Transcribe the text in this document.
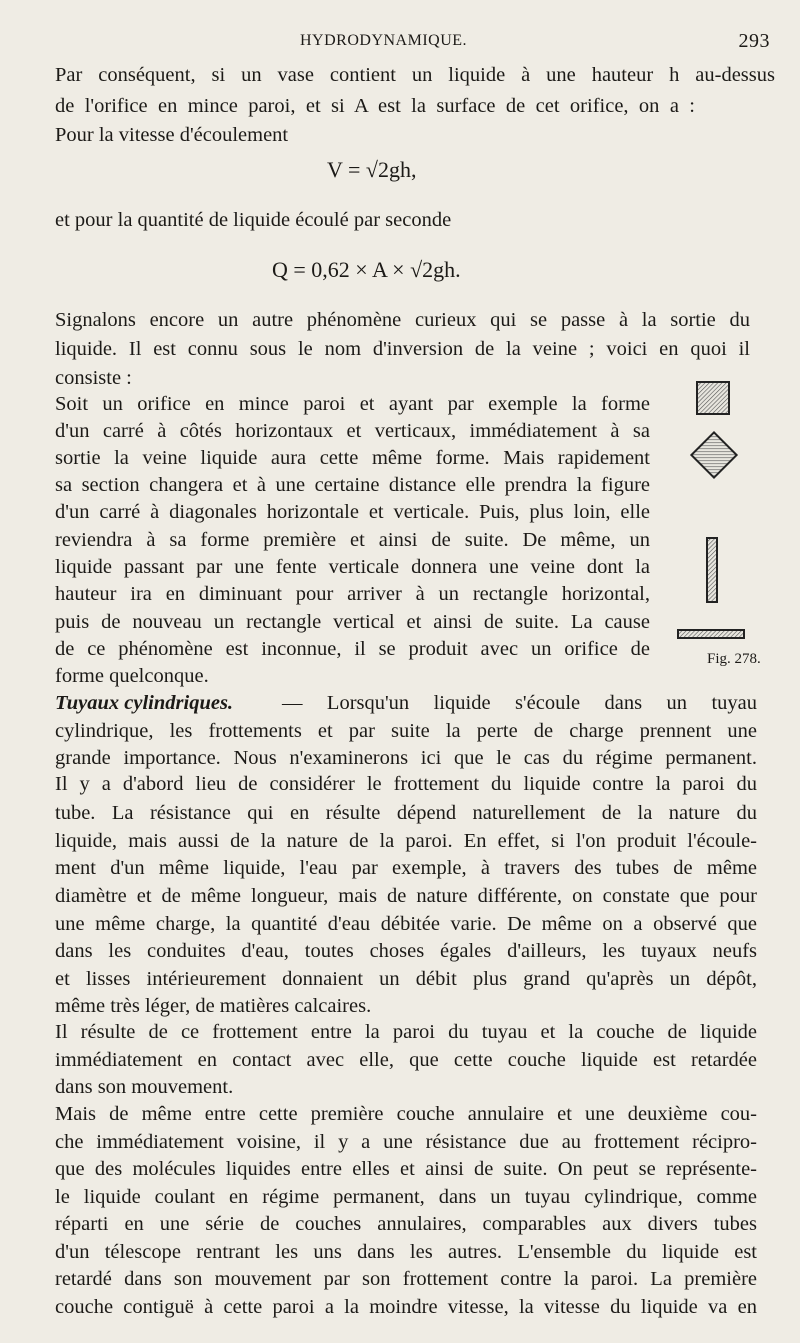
HYDRODYNAMIQUE.	293
Par conséquent, si un vase contient un liquide à une hauteur h au-dessus
de l'orifice en mince paroi, et si A est la surface de cet orifice, on a :
Pour la vitesse d'écoulement
V = √2gh,
et pour la quantité de liquide écoulé par seconde
Q = 0,62 × A × √2gh.
Signalons encore un autre phénomène curieux qui se passe à la sortie du
liquide. Il est connu sous le nom d'inversion de la veine ; voici en quoi il
consiste :
Soit un orifice en mince paroi et ayant par exemple la forme
d'un carré à côtés horizontaux et verticaux, immédiatement à sa
sortie la veine liquide aura cette même forme. Mais rapidement
sa section changera et à une certaine distance elle prendra la figure
d'un carré à diagonales horizontale et verticale. Puis, plus loin, elle
reviendra à sa forme première et ainsi de suite. De même, un
liquide passant par une fente verticale donnera une veine dont la
hauteur ira en diminuant pour arriver à un rectangle horizontal,
puis de nouveau un rectangle vertical et ainsi de suite. La cause
de ce phénomène est inconnue, il se produit avec un orifice de
forme quelconque.
Tuyaux cylindriques.	— Lorsqu'un liquide s'écoule dans un tuyau
cylindrique, les frottements et par suite la perte de charge prennent une
grande importance. Nous n'examinerons ici que le cas du régime permanent.
Il y a d'abord lieu de considérer le frottement du liquide contre la paroi du
tube. La résistance qui en résulte dépend naturellement de la nature du
liquide, mais aussi de la nature de la paroi. En effet, si l'on produit l'écoule-
ment d'un même liquide, l'eau par exemple, à travers des tubes de même
diamètre et de même longueur, mais de nature différente, on constate que pour
une même charge, la quantité d'eau débitée varie. De même on a observé que
dans les conduites d'eau, toutes choses égales d'ailleurs, les tuyaux neufs
et lisses intérieurement donnaient un débit plus grand qu'après un dépôt,
même très léger, de matières calcaires.
Il résulte de ce frottement entre la paroi du tuyau et la couche de liquide
immédiatement en contact avec elle, que cette couche liquide est retardée
dans son mouvement.
Mais de même entre cette première couche annulaire et une deuxième cou-
che immédiatement voisine, il y a une résistance due au frottement récipro-
que des molécules liquides entre elles et ainsi de suite. On peut se représente-
le liquide coulant en régime permanent, dans un tuyau cylindrique, comme
réparti en une série de couches annulaires, comparables aux divers tubes
d'un télescope rentrant les uns dans les autres. L'ensemble du liquide est
retardé dans son mouvement par son frottement contre la paroi. La première
couche contiguë à cette paroi a la moindre vitesse, la vitesse du liquide va en
Fig. 278.
